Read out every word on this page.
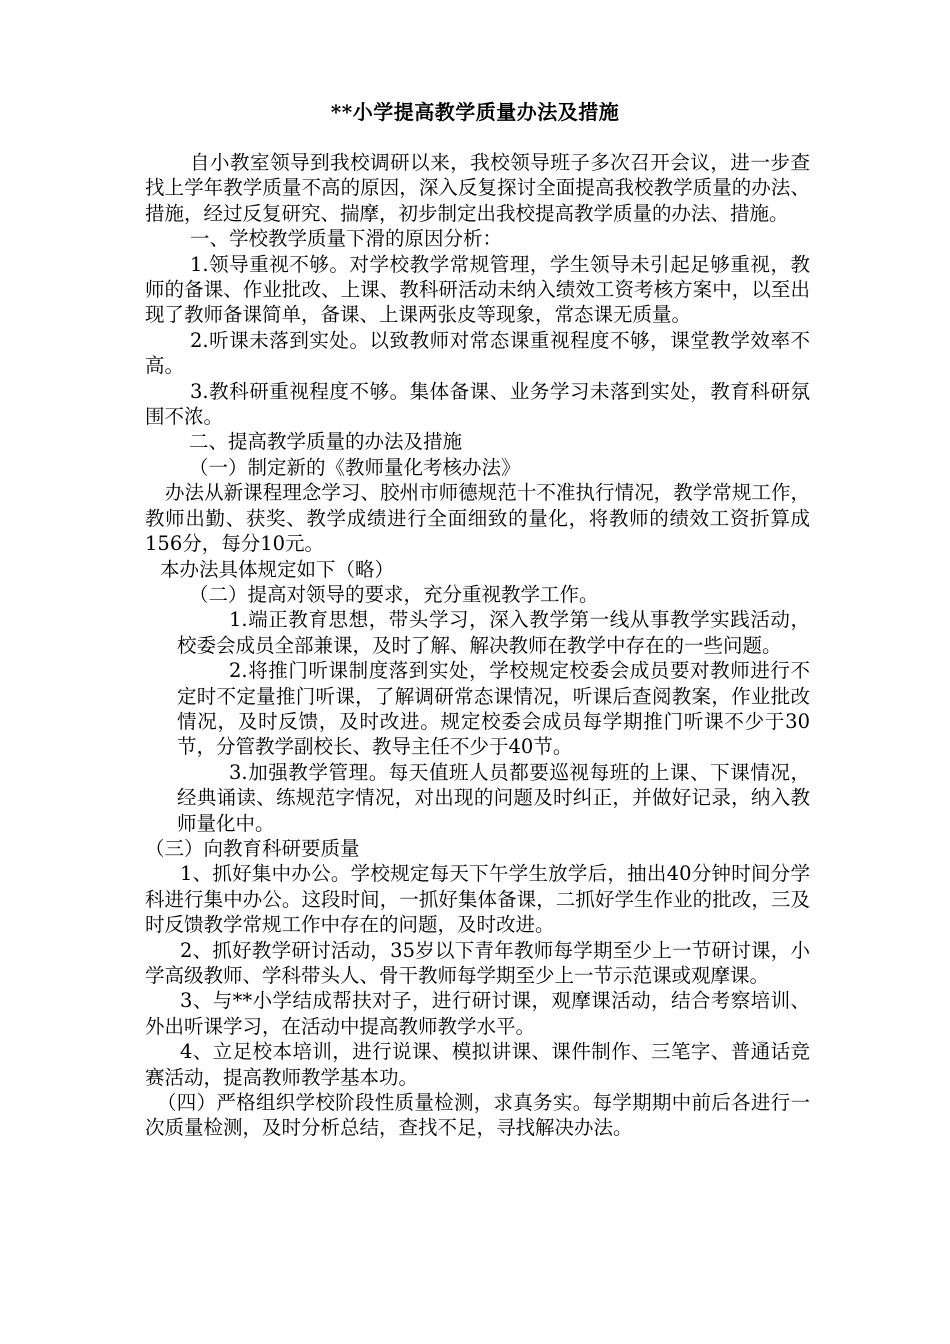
**小学提高教学质量办法及措施

自小教室领导到我校调研以来，我校领导班子多次召开会议，进一步查找上学年教学质量不高的原因，深入反复探讨全面提高我校教学质量的办法、措施，经过反复研究、揣摩，初步制定出我校提高教学质量的办法、措施。

一、学校教学质量下滑的原因分析：

1.领导重视不够。对学校教学常规管理，学生领导未引起足够重视，教师的备课、作业批改、上课、教科研活动未纳入绩效工资考核方案中，以至出现了教师备课简单，备课、上课两张皮等现象，常态课无质量。

2.听课未落到实处。以致教师对常态课重视程度不够，课堂教学效率不高。

3.教科研重视程度不够。集体备课、业务学习未落到实处，教育科研氛围不浓。

二、提高教学质量的办法及措施

（一）制定新的《教师量化考核办法》

办法从新课程理念学习、胶州市师德规范十不准执行情况，教学常规工作，教师出勤、获奖、教学成绩进行全面细致的量化，将教师的绩效工资折算成156分，每分10元。

本办法具体规定如下（略）

（二）提高对领导的要求，充分重视教学工作。

1.端正教育思想，带头学习，深入教学第一线从事教学实践活动，校委会成员全部兼课，及时了解、解决教师在教学中存在的一些问题。

2.将推门听课制度落到实处，学校规定校委会成员要对教师进行不定时不定量推门听课，了解调研常态课情况，听课后查阅教案，作业批改情况，及时反馈，及时改进。规定校委会成员每学期推门听课不少于30节，分管教学副校长、教导主任不少于40节。

3.加强教学管理。每天值班人员都要巡视每班的上课、下课情况，经典诵读、练规范字情况，对出现的问题及时纠正，并做好记录，纳入教师量化中。

（三）向教育科研要质量

1、抓好集中办公。学校规定每天下午学生放学后，抽出40分钟时间分学科进行集中办公。这段时间，一抓好集体备课，二抓好学生作业的批改，三及时反馈教学常规工作中存在的问题，及时改进。

2、抓好教学研讨活动，35岁以下青年教师每学期至少上一节研讨课，小学高级教师、学科带头人、骨干教师每学期至少上一节示范课或观摩课。

3、与**小学结成帮扶对子，进行研讨课，观摩课活动，结合考察培训、外出听课学习，在活动中提高教师教学水平。

4、立足校本培训，进行说课、模拟讲课、课件制作、三笔字、普通话竞赛活动，提高教师教学基本功。

（四）严格组织学校阶段性质量检测，求真务实。每学期期中前后各进行一次质量检测，及时分析总结，查找不足，寻找解决办法。
